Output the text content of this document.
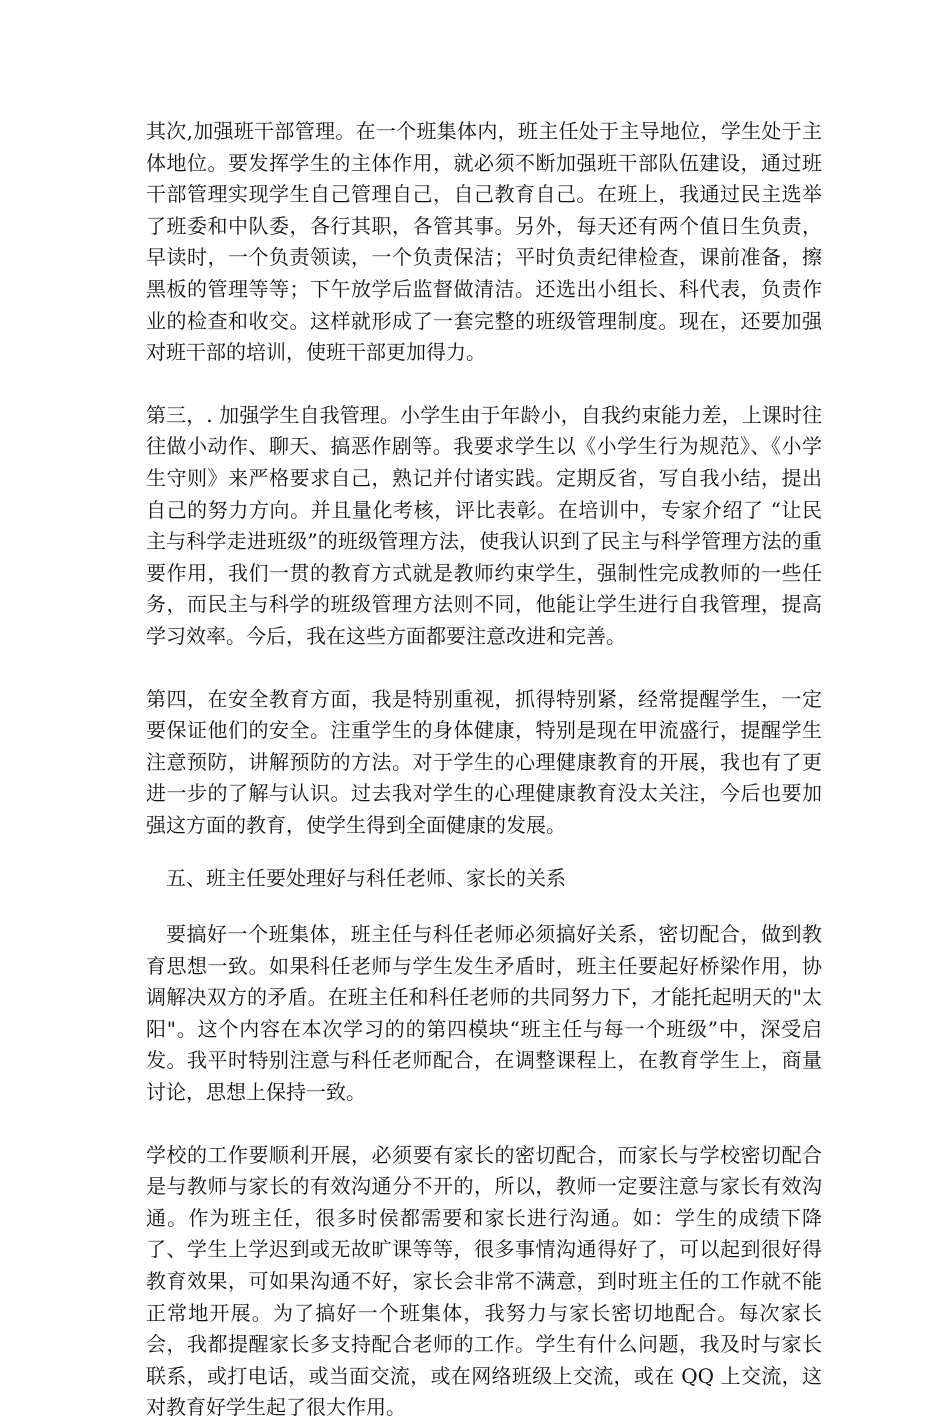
其次,加强班干部管理。在一个班集体内，班主任处于主导地位，学生处于主体地位。要发挥学生的主体作用，就必须不断加强班干部队伍建设，通过班干部管理实现学生自己管理自己，自己教育自己。在班上，我通过民主选举了班委和中队委，各行其职，各管其事。另外，每天还有两个值日生负责，早读时，一个负责领读，一个负责保洁；平时负责纪律检查，课前准备，擦黑板的管理等等；下午放学后监督做清洁。还选出小组长、科代表，负责作业的检查和收交。这样就形成了一套完整的班级管理制度。现在，还要加强对班干部的培训，使班干部更加得力。

第三，. 加强学生自我管理。小学生由于年龄小，自我约束能力差，上课时往往做小动作、聊天、搞恶作剧等。我要求学生以《小学生行为规范》、《小学生守则》来严格要求自己，熟记并付诸实践。定期反省，写自我小结，提出自己的努力方向。并且量化考核，评比表彰。在培训中，专家介绍了 “让民主与科学走进班级”的班级管理方法，使我认识到了民主与科学管理方法的重要作用，我们一贯的教育方式就是教师约束学生，强制性完成教师的一些任务，而民主与科学的班级管理方法则不同，他能让学生进行自我管理，提高学习效率。今后，我在这些方面都要注意改进和完善。

第四，在安全教育方面，我是特别重视，抓得特别紧，经常提醒学生，一定要保证他们的安全。注重学生的身体健康，特别是现在甲流盛行，提醒学生注意预防，讲解预防的方法。对于学生的心理健康教育的开展，我也有了更进一步的了解与认识。过去我对学生的心理健康教育没太关注，今后也要加强这方面的教育，使学生得到全面健康的发展。

五、班主任要处理好与科任老师、家长的关系

要搞好一个班集体，班主任与科任老师必须搞好关系，密切配合，做到教育思想一致。如果科任老师与学生发生矛盾时，班主任要起好桥梁作用，协调解决双方的矛盾。在班主任和科任老师的共同努力下，才能托起明天的"太阳"。这个内容在本次学习的的第四模块“班主任与每一个班级”中，深受启发。我平时特别注意与科任老师配合，在调整课程上，在教育学生上，商量讨论，思想上保持一致。

学校的工作要顺利开展，必须要有家长的密切配合，而家长与学校密切配合是与教师与家长的有效沟通分不开的，所以，教师一定要注意与家长有效沟通。作为班主任，很多时侯都需要和家长进行沟通。如：学生的成绩下降了、学生上学迟到或无故旷课等等，很多事情沟通得好了，可以起到很好得教育效果，可如果沟通不好，家长会非常不满意，到时班主任的工作就不能正常地开展。为了搞好一个班集体，我努力与家长密切地配合。每次家长会，我都提醒家长多支持配合老师的工作。学生有什么问题，我及时与家长联系，或打电话，或当面交流，或在网络班级上交流，或在 QQ 上交流，这对教育好学生起了很大作用。
